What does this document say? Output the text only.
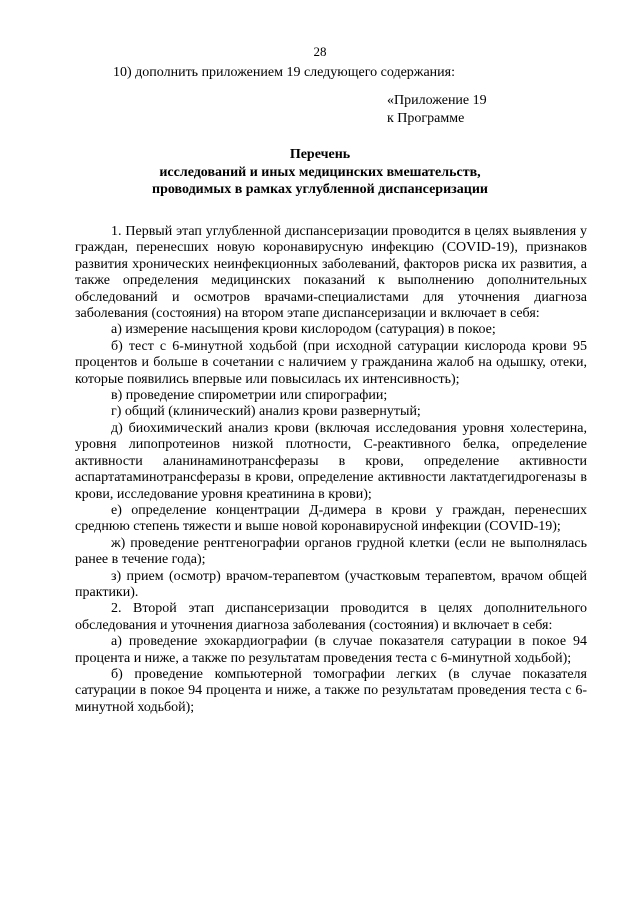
28
10) дополнить приложением 19 следующего содержания:
«Приложение 19
к Программе
Перечень
исследований и иных медицинских вмешательств,
проводимых в рамках углубленной диспансеризации

1. Первый этап углубленной диспансеризации проводится в целях выявления у граждан, перенесших новую коронавирусную инфекцию (COVID-19), признаков развития хронических неинфекционных заболеваний, факторов риска их развития, а также определения медицинских показаний к выполнению дополнительных обследований и осмотров врачами-специалистами для уточнения диагноза заболевания (состояния) на втором этапе диспансеризации и включает в себя:

а) измерение насыщения крови кислородом (сатурация) в покое;

б) тест с 6-минутной ходьбой (при исходной сатурации кислорода крови 95 процентов и больше в сочетании с наличием у гражданина жалоб на одышку, отеки, которые появились впервые или повысилась их интенсивность);

в) проведение спирометрии или спирографии;

г) общий (клинический) анализ крови развернутый;

д) биохимический анализ крови (включая исследования уровня холестерина, уровня липопротеинов низкой плотности, С-реактивного белка, определение активности аланинаминотрансферазы в крови, определение активности аспартатаминотрансферазы в крови, определение активности лактатдегидрогеназы в крови, исследование уровня креатинина в крови);

е) определение концентрации Д-димера в крови у граждан, перенесших среднюю степень тяжести и выше новой коронавирусной инфекции (COVID-19);

ж) проведение рентгенографии органов грудной клетки (если не выполнялась ранее в течение года);

з) прием (осмотр) врачом-терапевтом (участковым терапевтом, врачом общей практики).

2. Второй этап диспансеризации проводится в целях дополнительного обследования и уточнения диагноза заболевания (состояния) и включает в себя:

а) проведение эхокардиографии (в случае показателя сатурации в покое 94 процента и ниже, а также по результатам проведения теста с 6-минутной ходьбой);

б) проведение компьютерной томографии легких (в случае показателя сатурации в покое 94 процента и ниже, а также по результатам проведения теста с 6-минутной ходьбой);
